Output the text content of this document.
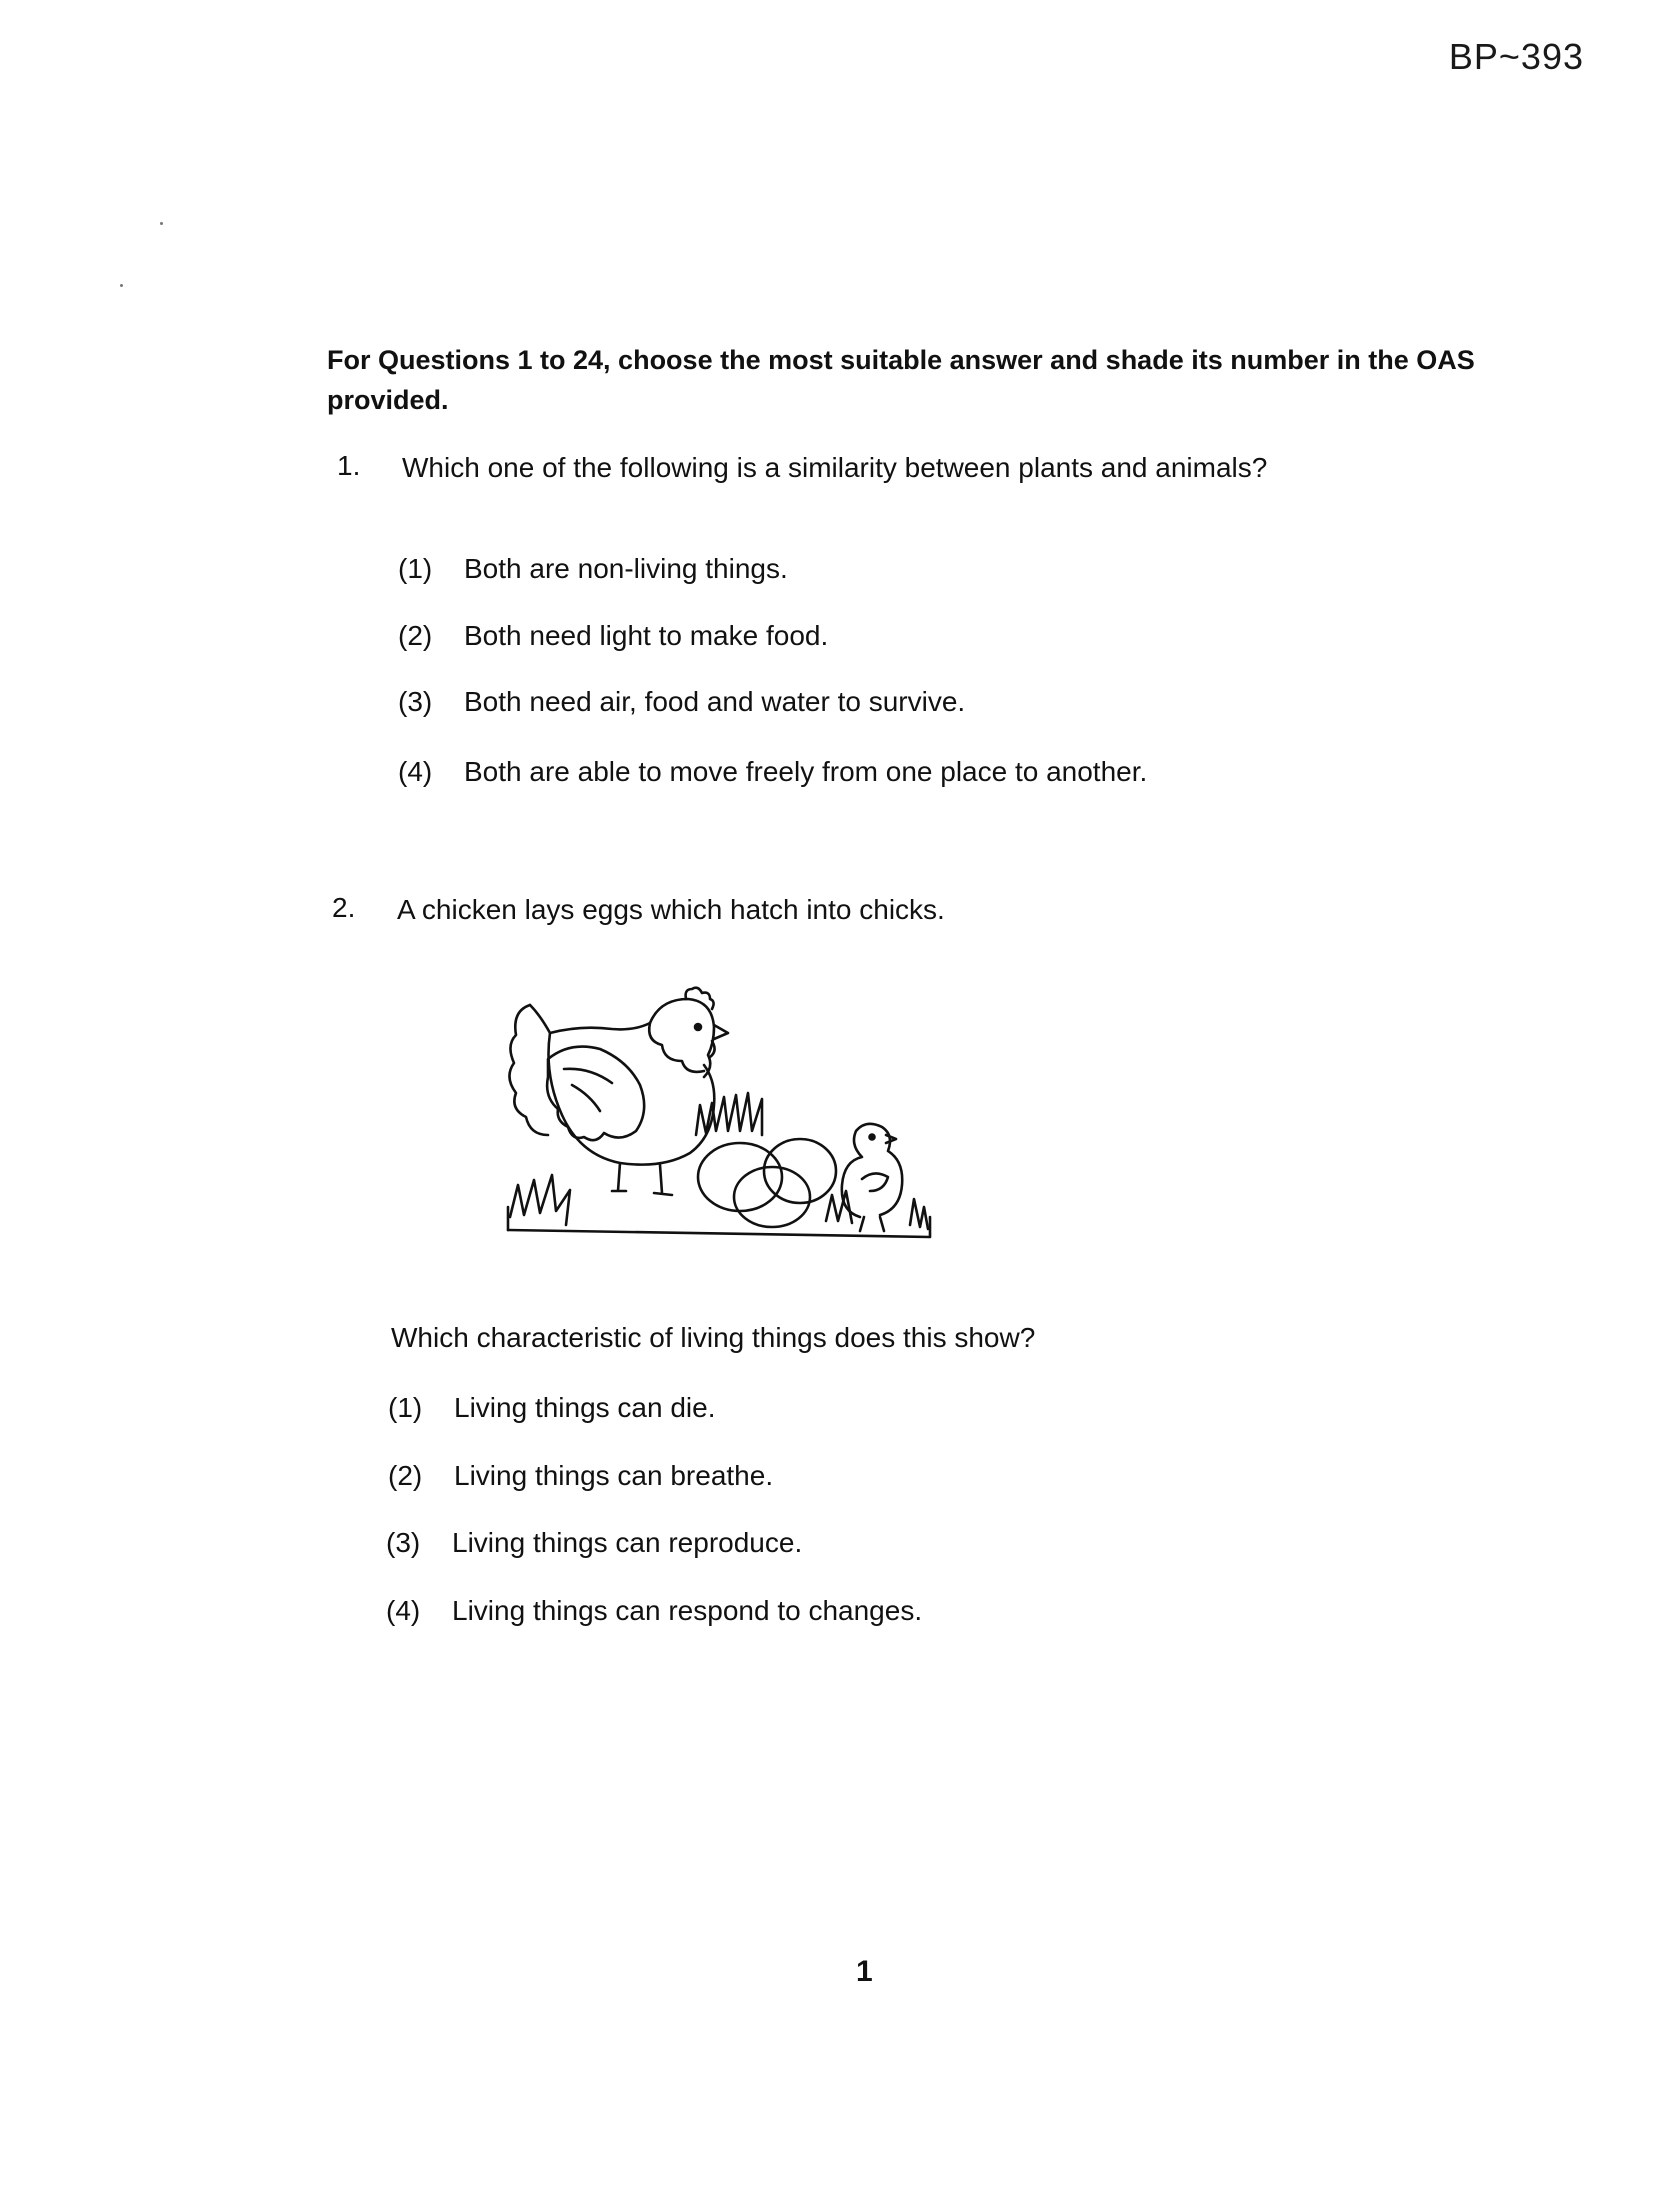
BP~393
For Questions 1 to 24, choose the most suitable answer and shade its number in the OAS provided.
1. Which one of the following is a similarity between plants and animals?
(1) Both are non-living things.
(2) Both need light to make food.
(3) Both need air, food and water to survive.
(4) Both are able to move freely from one place to another.
2. A chicken lays eggs which hatch into chicks.
Which characteristic of living things does this show?
(1) Living things can die.
(2) Living things can breathe.
(3) Living things can reproduce.
(4) Living things can respond to changes.
1
